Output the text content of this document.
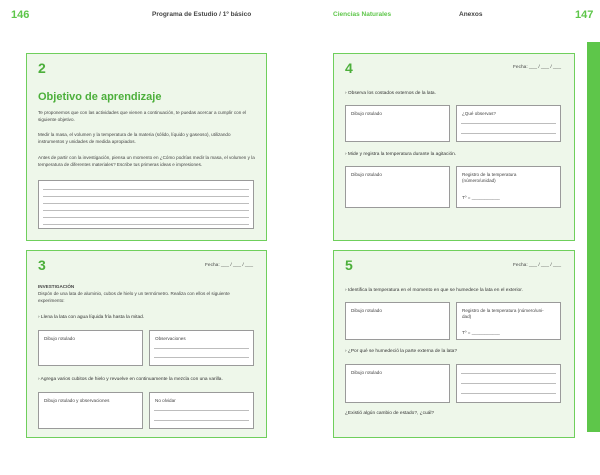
146	Programa de Estudio / 1º básico	Ciencias Naturales	Anexos	147
2
Objetivo de aprendizaje
Te proponemos que con las actividades que vienen a continuación, te puedas acercar a cumplir con el siguiente objetivo.
Medir la masa, el volumen y la temperatura de la materia (sólido, líquido y gaseoso), utilizando instrumentos y unidades de medida apropiados.
Antes de partir con la investigación, piensa un momento en ¿Cómo podrías medir la masa, el volumen y la temperatura de diferentes materiales? Escribe tus primeras ideas e impresiones.
3	Fecha: ___ / ___ / ___
INVESTIGACIÓN
Dispón de una lata de aluminio, cubos de hielo y un termómetro. Realiza con ellos el siguiente experimento:
› Llena la lata con agua líquida fría hasta la mitad.
Dibujo rotulado	Observaciones
› Agrega varios cubitos de hielo y revuelve en continuamente la mezcla con una varilla.
Dibujo rotulado y observaciones	No olvidar
4	Fecha: ___ / ___ / ___
› Observa los costados externos de la lata.
Dibujo rotulado	¿Qué observas?
› Mide y registra la temperatura durante la agitación.
Dibujo rotulado	Registro de la temperatura
(número/unidad)
Tº = ___________
5	Fecha: ___ / ___ / ___
› Identifica la temperatura en el momento en que se humedece la lata en el exterior.
Dibujo rotulado	Registro de la temperatura (número/uni-
dad)
Tº = ___________
› ¿Por qué se humedeció la parte externa de la lata?
Dibujo rotulado
¿Existió algún cambio de estado?, ¿cuál?
